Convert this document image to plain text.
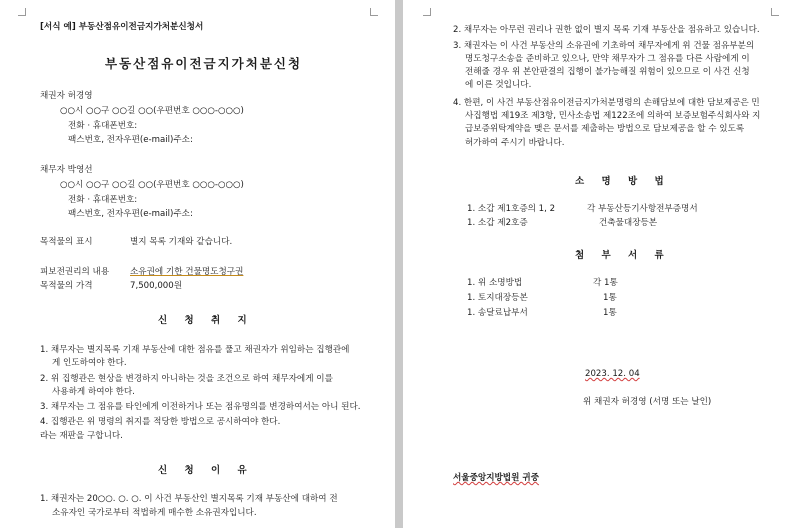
[서식 예] 부동산점유이전금지가처분신청서
부동산점유이전금지가처분신청
채권자 허경영
○○시 ○○구 ○○길 ○○(우편번호 ○○○-○○○)
전화 · 휴대폰번호:
팩스번호, 전자우편(e-mail)주소:
채무자 박영선
○○시 ○○구 ○○길 ○○(우편번호 ○○○-○○○)
전화 · 휴대폰번호:
팩스번호, 전자우편(e-mail)주소:
목적물의 표시	별지 목록 기재와 같습니다.
피보전권리의 내용 소유권에 기한 건물명도청구권
목적물의 가격	7,500,000원
신 청 취 지
1. 채무자는 별지목록 기재 부동산에 대한 점유를 풀고 채권자가 위임하는 집행관에
게 인도하여야 한다.
2. 위 집행관은 현상을 변경하지 아니하는 것을 조건으로 하여 채무자에게 이를
사용하게 하여야 한다.
3. 채무자는 그 점유를 타인에게 이전하거나 또는 점유명의를 변경하여서는 아니 된다.
4. 집행관은 위 명령의 취지를 적당한 방법으로 공시하여야 한다.
라는 재판을 구합니다.
신 청 이 유
1. 채권자는 20○○. ○. ○. 이 사건 부동산인 별지목록 기재 부동산에 대하여 전
소유자인 국가로부터 적법하게 매수한 소유권자입니다.
2. 채무자는 아무런 권리나 권한 없이 별지 목록 기재 부동산을 점유하고 있습니다.
3. 채권자는 이 사건 부동산의 소유권에 기초하여 채무자에게 위 건물 점유부분의
명도청구소송을 준비하고 있으나, 만약 채무자가 그 점유를 다른 사람에게 이
전해줄 경우 위 본안판결의 집행이 불가능해질 위험이 있으므로 이 사건 신청
에 이른 것입니다.
4. 한편, 이 사건 부동산점유이전금지가처분명령의 손해담보에 대한 담보제공은 민
사집행법 제19조 제3항, 민사소송법 제122조에 의하여 보증보험주식회사와 지
급보증위탁계약을 맺은 문서를 제출하는 방법으로 담보제공을 할 수 있도록
허가하여 주시기 바랍니다.
소 명 방 법
1. 소갑 제1호증의 1, 2	각 부동산등기사항전부증명서
1. 소갑 제2호증	건축물대장등본
첨 부 서 류
1. 위 소명방법	각 1통
1. 토지대장등본	1통
1. 송달료납부서	1통
2023. 12. 04
위 채권자 허경영 (서명 또는 날인)
서울중앙지방법원 귀중
